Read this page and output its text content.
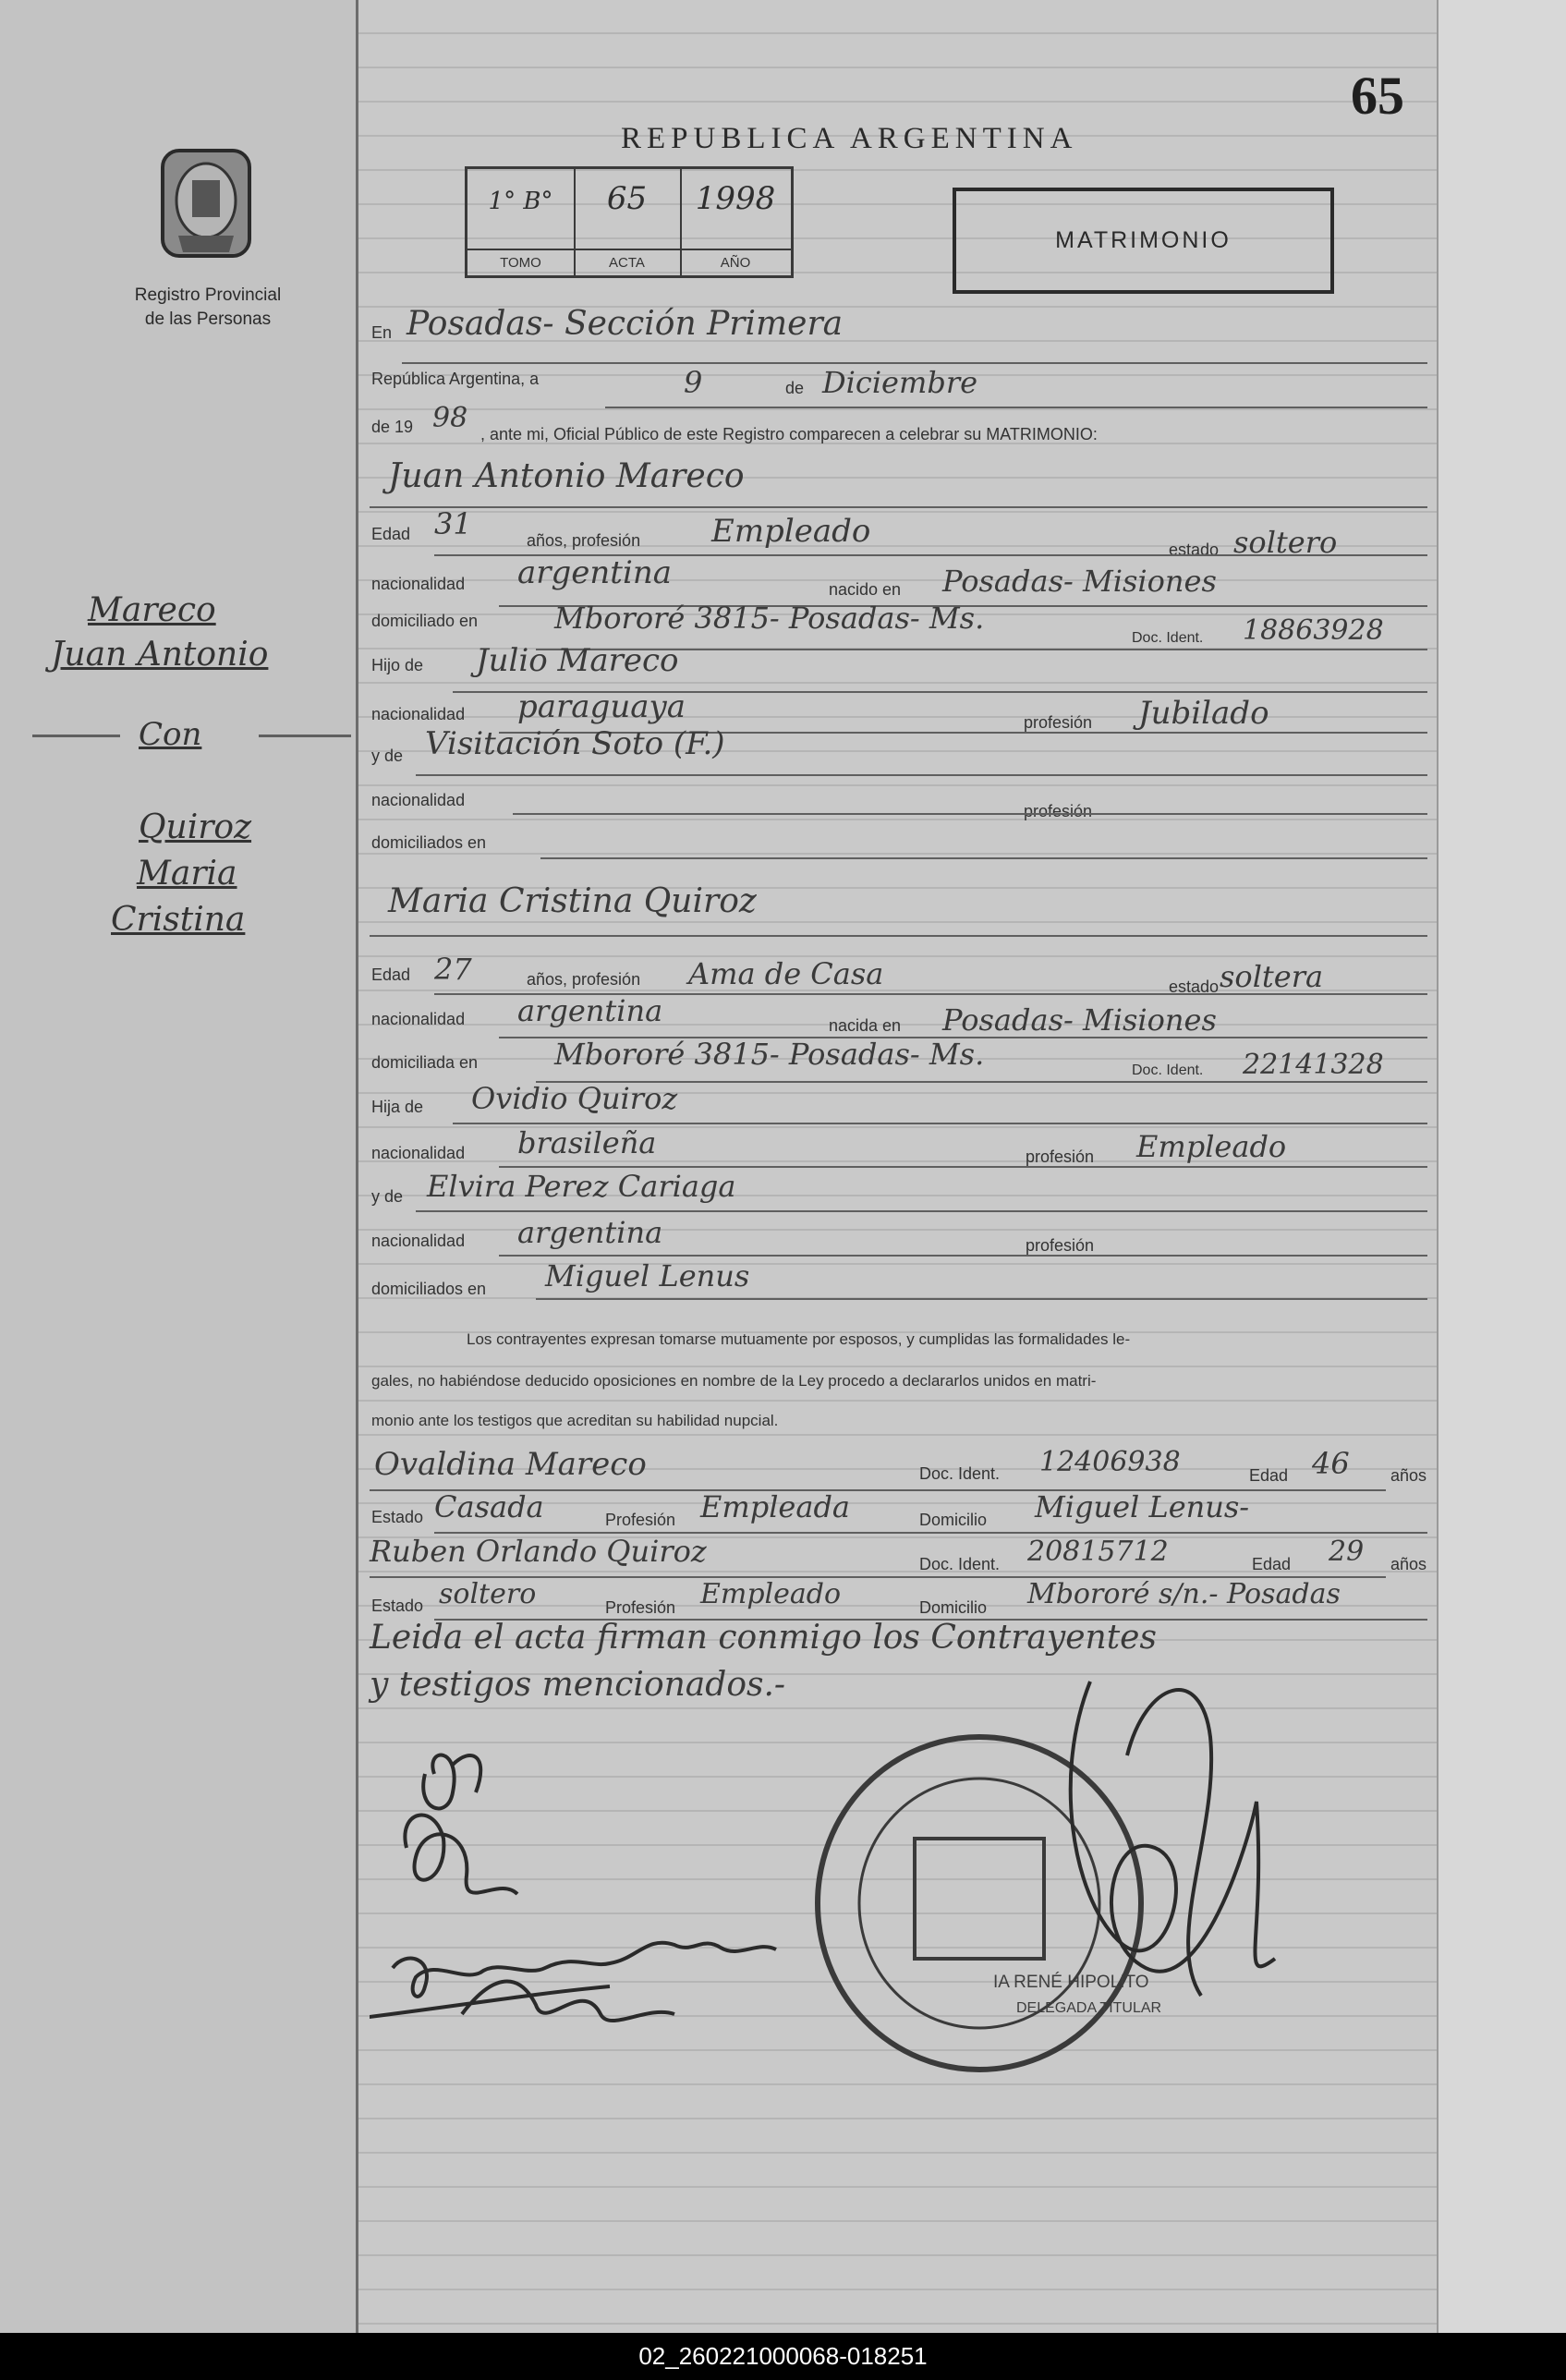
65
REPUBLICA ARGENTINA
Registro Provincial
de las Personas
1° B°
TOMO
65
ACTA
1998
AÑO
MATRIMONIO
Mareco
Juan Antonio
Con
Quiroz
Maria
Cristina
En Posadas- Sección Primera
República Argentina, a	9	de Diciembre
de 19 98 , ante mi, Oficial Público de este Registro comparecen a celebrar su MATRIMONIO:
Juan Antonio Mareco
Edad 31	años, profesión Empleado	estado soltero
nacionalidad argentina	nacido en Posadas- Misiones
domiciliado en	Mbororé 3815- Posadas- Ms.
Doc. Ident. 18863928
Hijo de Julio Mareco
nacionalidad paraguaya	profesión Jubilado
y de Visitación Soto (F.)
nacionalidad
profesión
domiciliados en
Maria Cristina Quiroz
Edad 27	años, profesión Ama de Casa	estado soltera
nacionalidad argentina	nacida en Posadas- Misiones
domiciliada en	Mbororé 3815- Posadas- Ms.	Doc. Ident. 22141328
Hija de Ovidio Quiroz
nacionalidad brasileña	profesión Empleado
y de Elvira Perez Cariaga
nacionalidad argentina	profesión
domiciliados en Miguel Lenus
Los contrayentes expresan tomarse mutuamente por esposos, y cumplidas las formalidades le-
gales, no habiéndose deducido oposiciones en nombre de la Ley procedo a declararlos unidos en matri-
monio ante los testigos que acreditan su habilidad nupcial.
Ovaldina Mareco	Doc. Ident. 12406938	Edad 46 años
Estado Casada	Profesión Empleada	Domicilio Miguel Lenus-
Ruben Orlando Quiroz	Doc. Ident. 20815712	Edad 29 años
Estado soltero	Profesión Empleado	Domicilio Mbororé s/n.- Posadas
Leida el acta firman conmigo los Contrayentes
y testigos mencionados.-
IA RENÉ HIPOLITO
DELEGADA TITULAR
02_260221000068-018251
